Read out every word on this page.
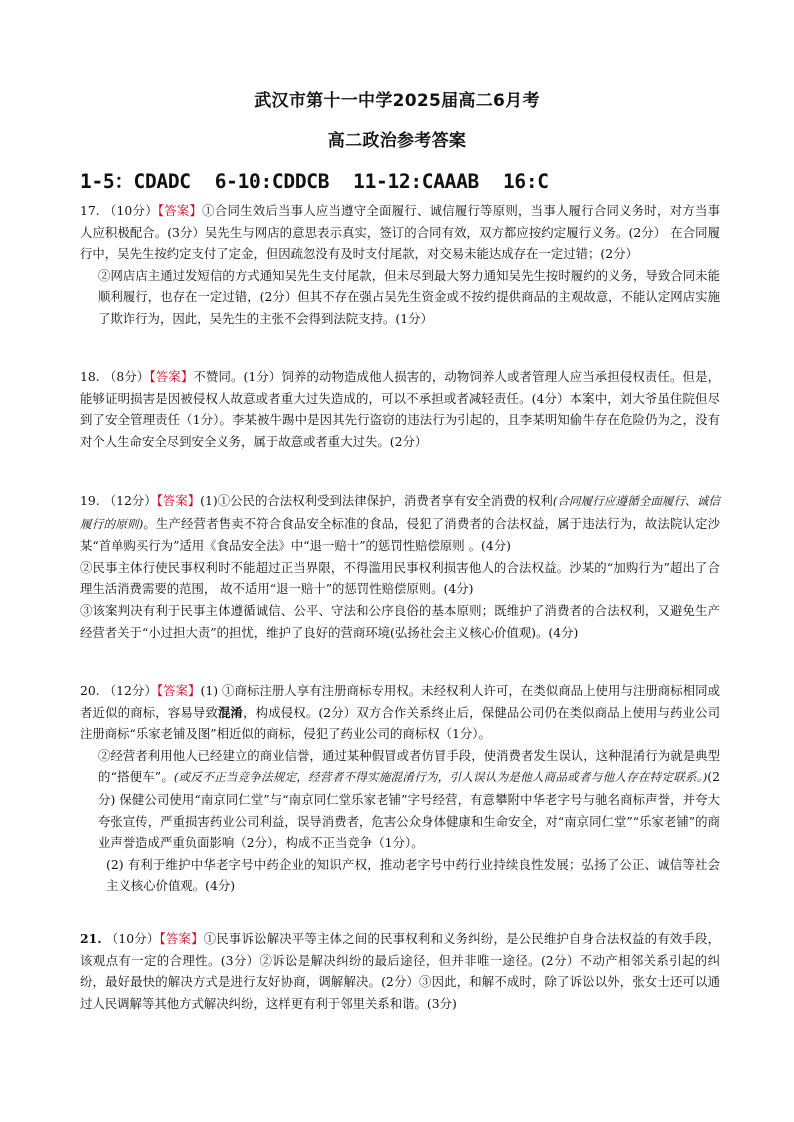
武汉市第十一中学2025届高二6月考
高二政治参考答案
1-5：CDADC 6-10:CDDCB 11-12:CAAAB 16:C

17. （10分）【答案】①合同生效后当事人应当遵守全面履行、诚信履行等原则，当事人履行合同义务时，对方当事人应积极配合。(3分）吴先生与网店的意思表示真实，签订的合同有效，双方都应按约定履行义务。(2分） 在合同履行中，吴先生按约定支付了定金，但因疏忽没有及时支付尾款，对交易未能达成存在一定过错；(2分）

②网店店主通过发短信的方式通知吴先生支付尾款，但未尽到最大努力通知吴先生按时履约的义务，导致合同未能顺利履行，也存在一定过错，(2分）但其不存在强占吴先生资金或不按约提供商品的主观故意，不能认定网店实施了欺诈行为，因此，吴先生的主张不会得到法院支持。(1分）

18. （8分）【答案】不赞同。(1分）饲养的动物造成他人损害的，动物饲养人或者管理人应当承担侵权责任。但是，能够证明损害是因被侵权人故意或者重大过失造成的，可以不承担或者减轻责任。(4分）本案中，刘大爷虽住院但尽到了安全管理责任（1分）。李某被牛踢中是因其先行盗窃的违法行为引起的，且李某明知偷牛存在危险仍为之，没有对个人生命安全尽到安全义务，属于故意或者重大过失。(2分）

19. （12分）【答案】(1)①公民的合法权利受到法律保护，消费者享有安全消费的权利(合同履行应遵循全面履行、诚信履行的原则)。生产经营者售卖不符合食品安全标准的食品，侵犯了消费者的合法权益，属于违法行为，故法院认定沙某“首单购买行为”适用《食品安全法》中“退一赔十”的惩罚性赔偿原则 。(4分)

②民事主体行使民事权利时不能超过正当界限，不得滥用民事权利损害他人的合法权益。沙某的“加购行为”超出了合理生活消费需要的范围， 故不适用“退一赔十”的惩罚性赔偿原则。(4分)

③该案判决有利于民事主体遵循诚信、公平、守法和公序良俗的基本原则；既维护了消费者的合法权利，又避免生产经营者关于“小过担大责”的担忧，维护了良好的营商环境(弘扬社会主义核心价值观)。(4分)

20. （12分）【答案】(1) ①商标注册人享有注册商标专用权。未经权利人许可，在类似商品上使用与注册商标相同或者近似的商标，容易导致混淆，构成侵权。(2分）双方合作关系终止后，保健品公司仍在类似商品上使用与药业公司注册商标“乐家老铺及图”相近似的商标，侵犯了药业公司的商标权（1分）。

②经营者利用他人已经建立的商业信誉，通过某种假冒或者仿冒手段，使消费者发生误认，这种混淆行为就是典型的“搭便车”。(或反不正当竞争法规定，经营者不得实施混淆行为，引人误认为是他人商品或者与他人存在特定联系。)(2分) 保健公司使用“南京同仁堂”与“南京同仁堂乐家老铺”字号经营，有意攀附中华老字号与驰名商标声誉，并夸大夸张宣传，严重损害药业公司利益，误导消费者，危害公众身体健康和生命安全，对“南京同仁堂”“乐家老铺”的商业声誉造成严重负面影响（2分），构成不正当竞争（1分）。

(2) 有利于维护中华老字号中药企业的知识产权，推动老字号中药行业持续良性发展；弘扬了公正、诚信等社会主义核心价值观。(4分)

21. （10分）【答案】①民事诉讼解决平等主体之间的民事权利和义务纠纷，是公民维护自身合法权益的有效手段，该观点有一定的合理性。(3分）②诉讼是解决纠纷的最后途径，但并非唯一途径。(2分）不动产相邻关系引起的纠纷，最好最快的解决方式是进行友好协商，调解解决。(2分）③因此，和解不成时，除了诉讼以外，张女士还可以通过人民调解等其他方式解决纠纷，这样更有利于邻里关系和谐。(3分)
